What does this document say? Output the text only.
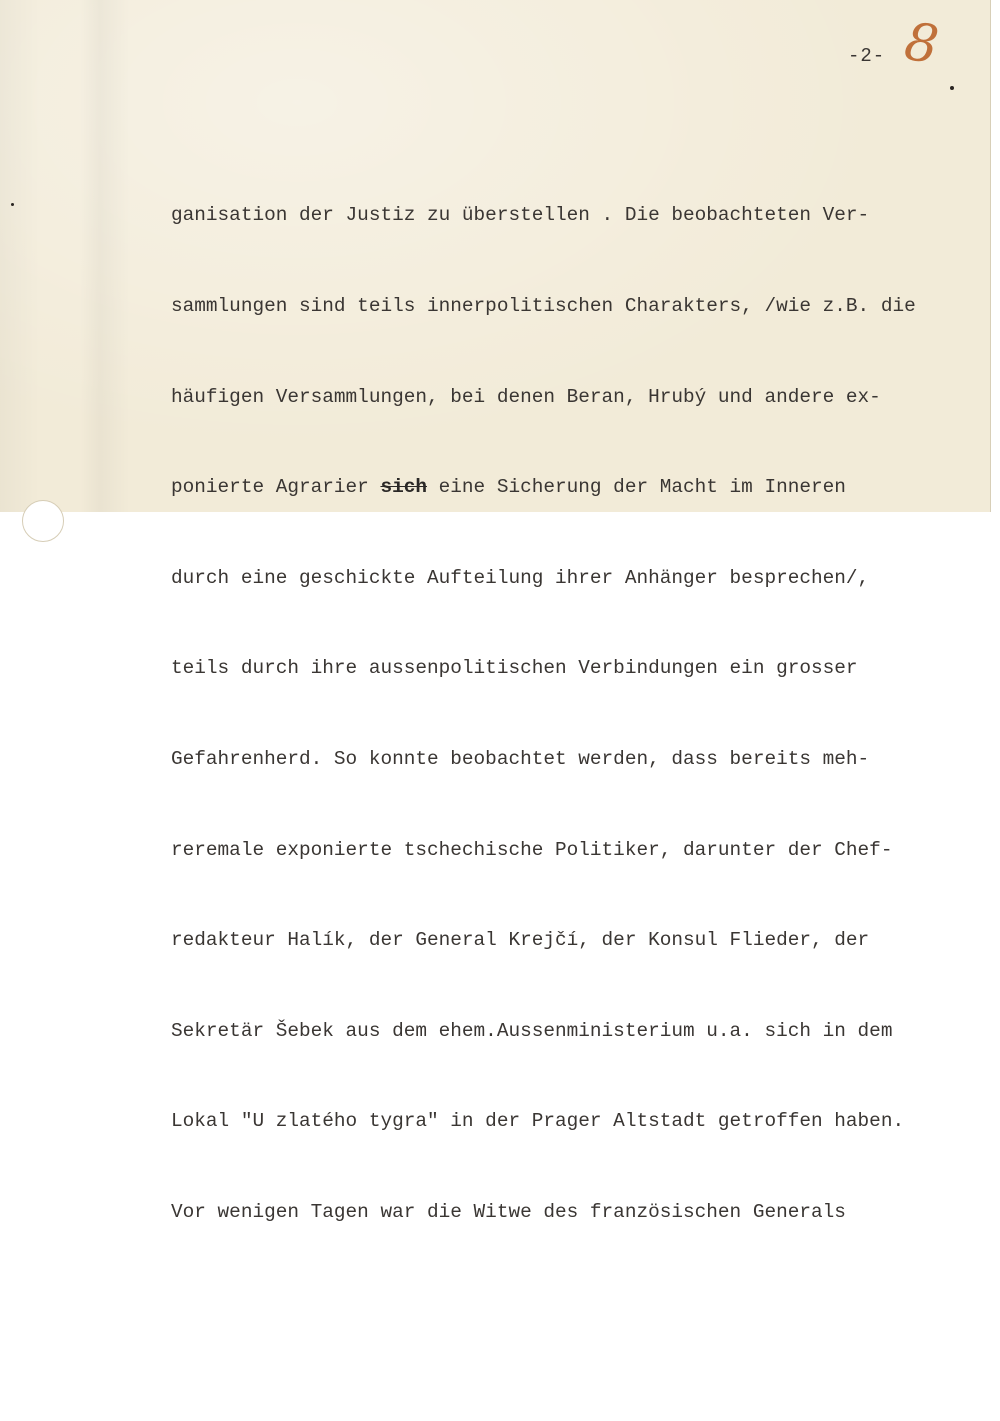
-2- 8

ganisation der Justiz zu überstellen . Die beobachteten Ver-

sammlungen sind teils innerpolitischen Charakters, /wie z.B. die

häufigen Versammlungen, bei denen Beran, Hrubý und andere ex-

ponierte Agrarier sich eine Sicherung der Macht im Inneren

durch eine geschickte Aufteilung ihrer Anhänger besprechen/,

teils durch ihre aussenpolitischen Verbindungen ein grosser

Gefahrenherd. So konnte beobachtet werden, dass bereits meh-

reremale exponierte tschechische Politiker, darunter der Chef-

redakteur Halík, der General Krejčí, der Konsul Flieder, der

Sekretär Šebek aus dem ehem.Aussenministerium u.a. sich in dem

Lokal "U zlatého tygra" in der Prager Altstadt getroffen haben.

Vor wenigen Tagen war die Witwe des französischen Generals
